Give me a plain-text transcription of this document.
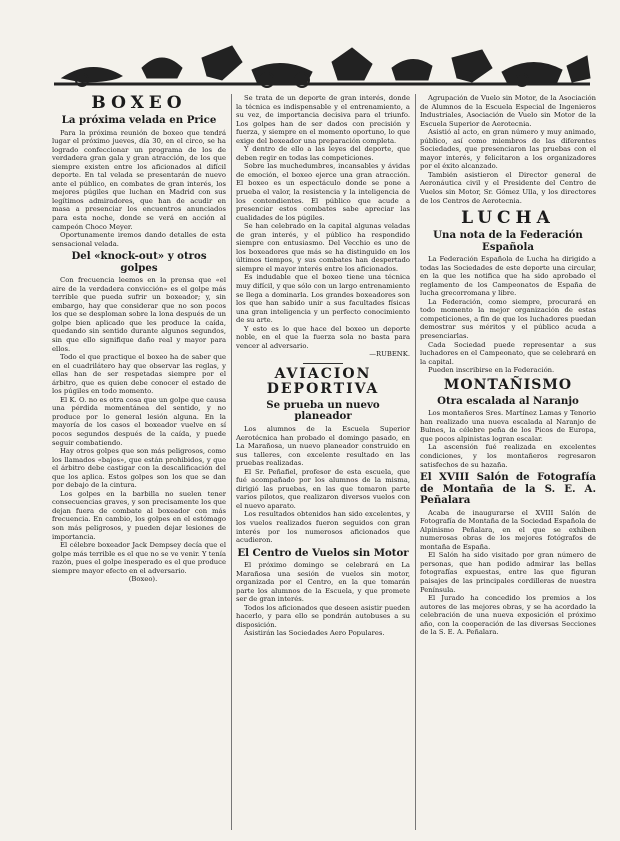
BOXEO
La próxima velada en Price

Para la próxima reunión de boxeo que tendrá lugar el próximo jueves, día 30, en el circo, se ha logrado confeccionar un programa de los de verdadera gran gala y gran atracción, de los que siempre existen entre los aficionados al difícil deporte. En tal velada se presentarán de nuevo ante el público, en combates de gran interés, los mejores púgiles que luchan en Madrid con sus legítimos admiradores, que han de acudir en masa a presenciar los encuentros anunciados para esta noche, donde se verá en acción al campeón Choco Meyer.

Oportunamente iremos dando detalles de esta sensacional velada.

Del «knock-out» y otros golpes

Con frecuencia leemos en la prensa que «el aire de la verdadera convicción» es el golpe más terrible que pueda sufrir un boxeador; y, sin embargo, hay que considerar que no son pocos los que se desploman sobre la lona después de un golpe bien aplicado que les produce la caída, quedando sin sentido durante algunos segundos, sin que ello signifique daño real y mayor para ellos.

Todo el que practique el boxeo ha de saber que en el cuadrilátero hay que observar las reglas, y ellas han de ser respetadas siempre por el árbitro, que es quien debe conocer el estado de los púgiles en todo momento.

El K. O. no es otra cosa que un golpe que causa una pérdida momentánea del sentido, y no produce por lo general lesión alguna. En la mayoría de los casos el boxeador vuelve en sí pocos segundos después de la caída, y puede seguir combatiendo.

Hay otros golpes que son más peligrosos, como los llamados «bajos», que están prohibidos, y que el árbitro debe castigar con la descalificación del que los aplica. Estos golpes son los que se dan por debajo de la cintura.

Los golpes en la barbilla no suelen tener consecuencias graves, y son precisamente los que dejan fuera de combate al boxeador con más frecuencia. En cambio, los golpes en el estómago son más peligrosos, y pueden dejar lesiones de importancia.

El célebre boxeador Jack Dempsey decía que el golpe más terrible es el que no se ve venir. Y tenía razón, pues el golpe inesperado es el que produce siempre mayor efecto en el adversario.

(Boxeo).

Se trata de un deporte de gran interés, donde la técnica es indispensable y el entrenamiento, a su vez, de importancia decisiva para el triunfo. Los golpes han de ser dados con precisión y fuerza, y siempre en el momento oportuno, lo que exige del boxeador una preparación completa.

Y dentro de ello a las leyes del deporte, que deben regir en todas las competiciones.

Sobre las muchedumbres, incansables y ávidas de emoción, el boxeo ejerce una gran atracción. El boxeo es un espectáculo donde se pone a prueba el valor, la resistencia y la inteligencia de los contendientes. El público que acude a presenciar estos combates sabe apreciar las cualidades de los púgiles.

Se han celebrado en la capital algunas veladas de gran interés, y el público ha respondido siempre con entusiasmo. Del Vecchio es uno de los boxeadores que más se ha distinguido en los últimos tiempos, y sus combates han despertado siempre el mayor interés entre los aficionados.

Es indudable que el boxeo tiene una técnica muy difícil, y que sólo con un largo entrenamiento se llega a dominarla. Los grandes boxeadores son los que han sabido unir a sus facultades físicas una gran inteligencia y un perfecto conocimiento de su arte.

Y esto es lo que hace del boxeo un deporte noble, en el que la fuerza sola no basta para vencer al adversario.

—RUBENK.

AVIACION DEPORTIVA
Se prueba un nuevo planeador

Los alumnos de la Escuela Superior Aerotécnica han probado el domingo pasado, en La Marañosa, un nuevo planeador construido en sus talleres, con excelente resultado en las pruebas realizadas.

El Sr. Peñafiel, profesor de esta escuela, que fué acompañado por los alumnos de la misma, dirigió las pruebas, en las que tomaron parte varios pilotos, que realizaron diversos vuelos con el nuevo aparato.

Los resultados obtenidos han sido excelentes, y los vuelos realizados fueron seguidos con gran interés por los numerosos aficionados que acudieron.

El Centro de Vuelos sin Motor

El próximo domingo se celebrará en La Marañosa una sesión de vuelos sin motor, organizada por el Centro, en la que tomarán parte los alumnos de la Escuela, y que promete ser de gran interés.

Todos los aficionados que deseen asistir pueden hacerlo, y para ello se pondrán autobuses a su disposición.

Asistirán las Sociedades Aero Populares.

Agrupación de Vuelo sin Motor, de la Asociación de Alumnos de la Escuela Especial de Ingenieros Industriales, Asociación de Vuelo sin Motor de la Escuela Superior de Aerotecnia.

Asistió al acto, en gran número y muy animado, público, así como miembros de las diferentes Sociedades, que presenciaron las pruebas con el mayor interés, y felicitaron a los organizadores por el éxito alcanzado.

También asistieron el Director general de Aeronáutica civil y el Presidente del Centro de Vuelos sin Motor, Sr. Gómez Ulla, y los directores de los Centros de Aerotecnia.

LUCHA
Una nota de la Federación Española

La Federación Española de Lucha ha dirigido a todas las Sociedades de este deporte una circular, en la que les notifica que ha sido aprobado el reglamento de los Campeonatos de España de lucha grecorromana y libre.

La Federación, como siempre, procurará en todo momento la mejor organización de estas competiciones, a fin de que los luchadores puedan demostrar sus méritos y el público acuda a presenciarlas.

Cada Sociedad puede representar a sus luchadores en el Campeonato, que se celebrará en la capital.

Pueden inscribirse en la Federación.

MONTAÑISMO
Otra escalada al Naranjo

Los montañeros Sres. Martínez Lamas y Tenorio han realizado una nueva escalada al Naranjo de Bulnes, la célebre peña de los Picos de Europa, que pocos alpinistas logran escalar.

La ascensión fué realizada en excelentes condiciones, y los montañeros regresaron satisfechos de su hazaña.

El XVIII Salón de Fotografía de Montaña de la S. E. A. Peñalara

Acaba de inaugurarse el XVIII Salón de Fotografía de Montaña de la Sociedad Española de Alpinismo Peñalara, en el que se exhiben numerosas obras de los mejores fotógrafos de montaña de España.

El Salón ha sido visitado por gran número de personas, que han podido admirar las bellas fotografías expuestas, entre las que figuran paisajes de las principales cordilleras de nuestra Península.

El Jurado ha concedido los premios a los autores de las mejores obras, y se ha acordado la celebración de una nueva exposición el próximo año, con la cooperación de las diversas Secciones de la S. E. A. Peñalara.
